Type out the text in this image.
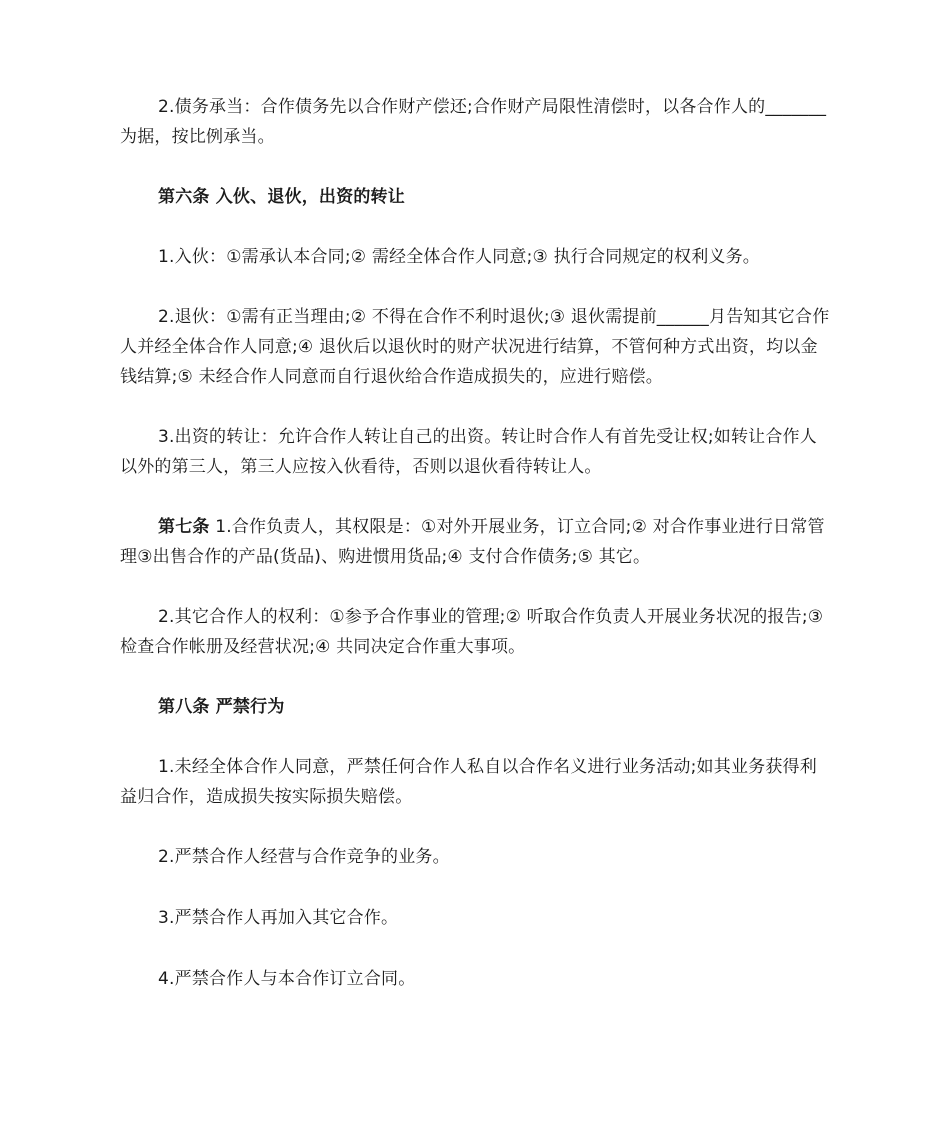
2.债务承当：合作债务先以合作财产偿还;合作财产局限性清偿时，以各合作人的_______为据，按比例承当。

第六条 入伙、退伙，出资的转让

1.入伙：①需承认本合同;② 需经全体合作人同意;③ 执行合同规定的权利义务。

2.退伙：①需有正当理由;② 不得在合作不利时退伙;③ 退伙需提前______月告知其它合作人并经全体合作人同意;④ 退伙后以退伙时的财产状况进行结算，不管何种方式出资，均以金钱结算;⑤ 未经合作人同意而自行退伙给合作造成损失的，应进行赔偿。

3.出资的转让：允许合作人转让自己的出资。转让时合作人有首先受让权;如转让合作人以外的第三人，第三人应按入伙看待，否则以退伙看待转让人。

第七条 1.合作负责人，其权限是：①对外开展业务，订立合同;② 对合作事业进行日常管理③出售合作的产品(货品)、购进惯用货品;④ 支付合作债务;⑤ 其它。

2.其它合作人的权利：①参予合作事业的管理;② 听取合作负责人开展业务状况的报告;③ 检查合作帐册及经营状况;④ 共同决定合作重大事项。

第八条 严禁行为

1.未经全体合作人同意，严禁任何合作人私自以合作名义进行业务活动;如其业务获得利益归合作，造成损失按实际损失赔偿。

2.严禁合作人经营与合作竞争的业务。

3.严禁合作人再加入其它合作。

4.严禁合作人与本合作订立合同。
